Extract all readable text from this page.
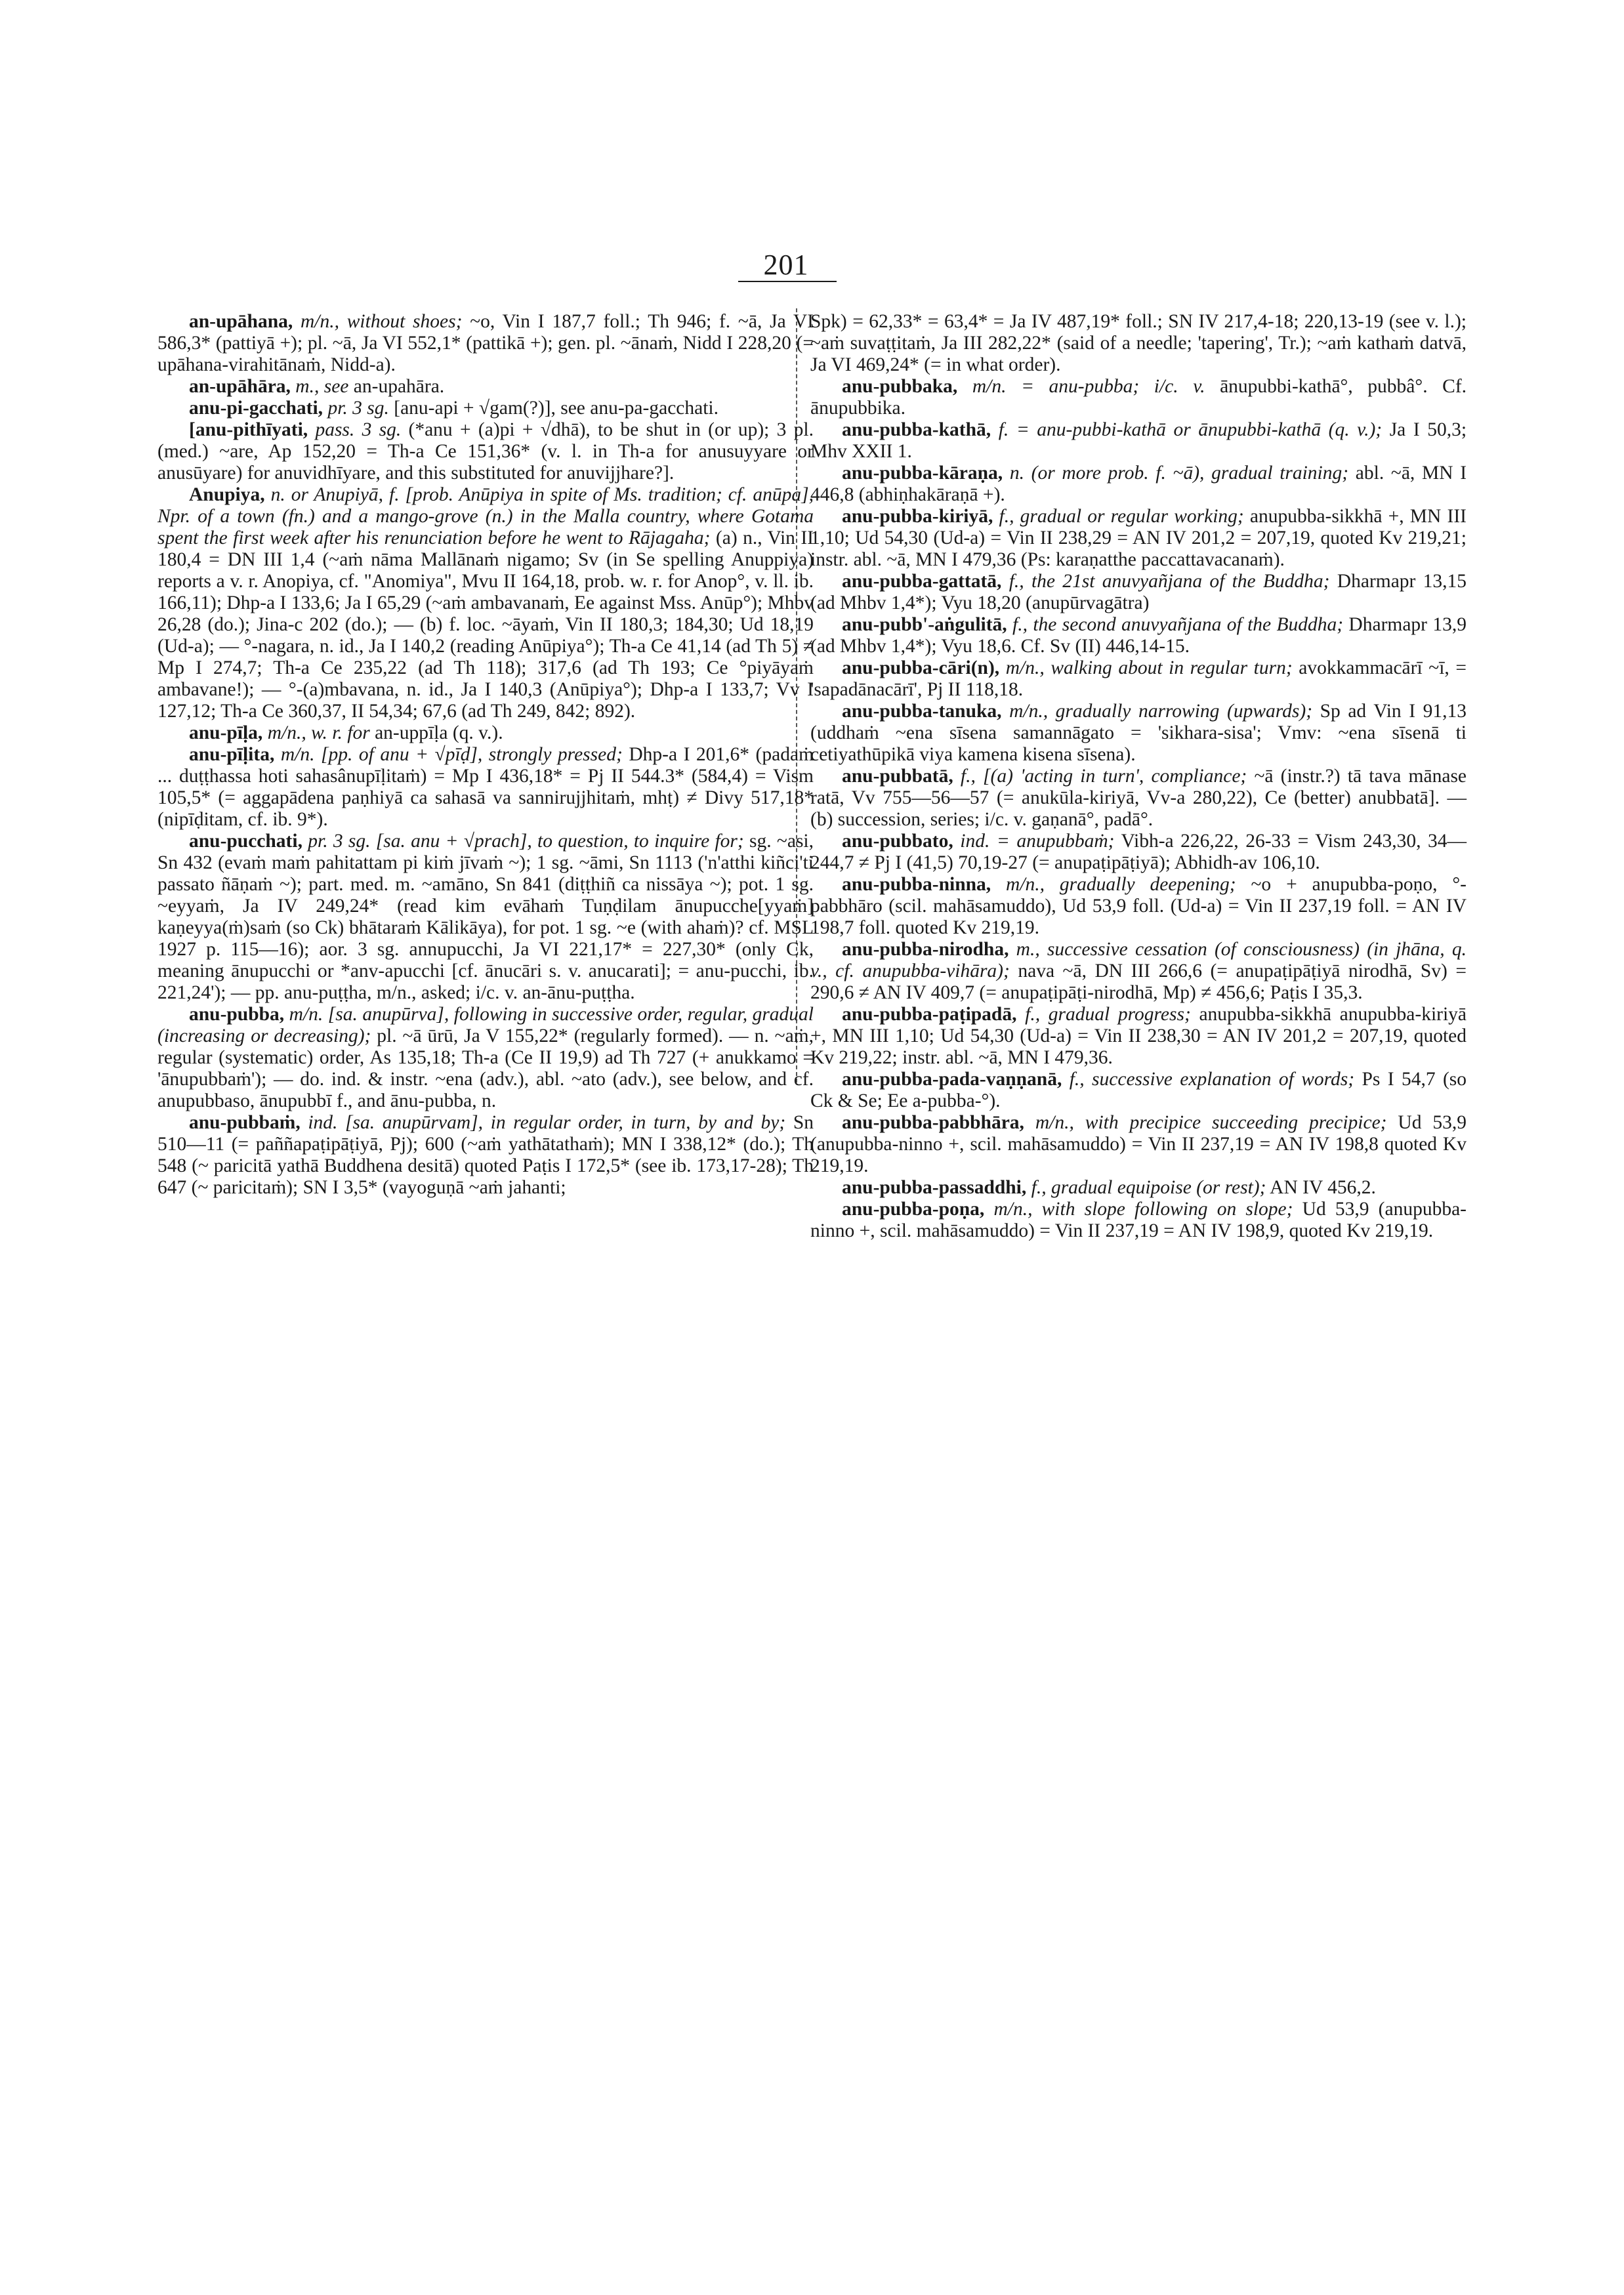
201

an-upāhana, m/n., without shoes; ~o, Vin I 187,7 foll.; Th 946; f. ~ā, Ja VI 586,3* (pattiyā +); pl. ~ā, Ja VI 552,1* (pattikā +); gen. pl. ~ānaṁ, Nidd I 228,20 (= upāhana-virahitānaṁ, Nidd-a).

an-upāhāra, m., see an-upahāra.

anu-pi-gacchati, pr. 3 sg. [anu-api + √gam(?)], see anu-pa-gacchati.

[anu-pithīyati, pass. 3 sg. (*anu + (a)pi + √dhā), to be shut in (or up); 3 pl. (med.) ~are, Ap 152,20 = Th-a Ce 151,36* (v. l. in Th-a for anusuyyare or anusūyare) for anuvidhīyare, and this substituted for anuvijjhare?].

Anupiya, n. or Anupiyā, f. [prob. Anūpiya in spite of Ms. tradition; cf. anūpa], Npr. of a town (fn.) and a mango-grove (n.) in the Malla country, where Gotama spent the first week after his renunciation before he went to Rājagaha; (a) n., Vin II 180,4 = DN III 1,4 (~aṁ nāma Mallānaṁ nigamo; Sv (in Se spelling Anuppiya) reports a v. r. Anopiya, cf. "Anomiya", Mvu II 164,18, prob. w. r. for Anop°, v. ll. ib. 166,11); Dhp-a I 133,6; Ja I 65,29 (~aṁ ambavanaṁ, Ee against Mss. Anūp°); Mhbv 26,28 (do.); Jina-c 202 (do.); — (b) f. loc. ~āyaṁ, Vin II 180,3; 184,30; Ud 18,19 (Ud-a); — °-nagara, n. id., Ja I 140,2 (reading Anūpiya°); Th-a Ce 41,14 (ad Th 5) ≠ Mp I 274,7; Th-a Ce 235,22 (ad Th 118); 317,6 (ad Th 193; Ce °piyāyaṁ ambavane!); — °-(a)mbavana, n. id., Ja I 140,3 (Anūpiya°); Dhp-a I 133,7; Vv I 127,12; Th-a Ce 360,37, II 54,34; 67,6 (ad Th 249, 842; 892).

anu-pīḷa, m/n., w. r. for an-uppīḷa (q. v.).

anu-pīḷita, m/n. [pp. of anu + √pīḍ], strongly pressed; Dhp-a I 201,6* (padaṁ ... duṭṭhassa hoti sahasânupīḷitaṁ) = Mp I 436,18* = Pj II 544.3* (584,4) = Vism 105,5* (= aggapādena paṇhiyā ca sahasā va sannirujjhitaṁ, mhṭ) ≠ Divy 517,18* (nipīḍitam, cf. ib. 9*).

anu-pucchati, pr. 3 sg. [sa. anu + √prach], to question, to inquire for; sg. ~asi, Sn 432 (evaṁ maṁ pahitattam pi kiṁ jīvaṁ ~); 1 sg. ~āmi, Sn 1113 ('n'atthi kiñci'ti passato ñāṇaṁ ~); part. med. m. ~amāno, Sn 841 (diṭṭhiñ ca nissāya ~); pot. 1 sg. ~eyyaṁ, Ja IV 249,24* (read kim evāhaṁ Tuṇḍilam ānupucche[yyaṁ] kaṇeyya(ṁ)saṁ (so Ck) bhātaraṁ Kālikāya), for pot. 1 sg. ~e (with ahaṁ)? cf. MSL 1927 p. 115—16); aor. 3 sg. annupucchi, Ja VI 221,17* = 227,30* (only Ck, meaning ānupucchi or *anv-apucchi [cf. ānucāri s. v. anucarati]; = anu-pucchi, ib. 221,24'); — pp. anu-puṭṭha, m/n., asked; i/c. v. an-ānu-puṭṭha.

anu-pubba, m/n. [sa. anupūrva], following in successive order, regular, gradual (increasing or decreasing); pl. ~ā ūrū, Ja V 155,22* (regularly formed). — n. ~aṁ, regular (systematic) order, As 135,18; Th-a (Ce II 19,9) ad Th 727 (+ anukkamo = 'ānupubbaṁ'); — do. ind. & instr. ~ena (adv.), abl. ~ato (adv.), see below, and cf. anupubbaso, ānupubbī f., and ānu-pubba, n.

anu-pubbaṁ, ind. [sa. anupūrvam], in regular order, in turn, by and by; Sn 510—11 (= paññapaṭipāṭiyā, Pj); 600 (~aṁ yathātathaṁ); MN I 338,12* (do.); Th 548 (~ paricitā yathā Buddhena desitā) quoted Paṭis I 172,5* (see ib. 173,17-28); Th 647 (~ paricitaṁ); SN I 3,5* (vayoguṇā ~aṁ jahanti;

Spk) = 62,33* = 63,4* = Ja IV 487,19* foll.; SN IV 217,4-18; 220,13-19 (see v. l.); ~aṁ suvaṭṭitaṁ, Ja III 282,22* (said of a needle; 'tapering', Tr.); ~aṁ kathaṁ datvā, Ja VI 469,24* (= in what order).

anu-pubbaka, m/n. = anu-pubba; i/c. v. ānupubbi-kathā°, pubbâ°. Cf. ānupubbika.

anu-pubba-kathā, f. = anu-pubbi-kathā or ānupubbi-kathā (q. v.); Ja I 50,3; Mhv XXII 1.

anu-pubba-kāraṇa, n. (or more prob. f. ~ā), gradual training; abl. ~ā, MN I 446,8 (abhiṇhakāraṇā +).

anu-pubba-kiriyā, f., gradual or regular working; anupubba-sikkhā +, MN III 1,10; Ud 54,30 (Ud-a) = Vin II 238,29 = AN IV 201,2 = 207,19, quoted Kv 219,21; instr. abl. ~ā, MN I 479,36 (Ps: karaṇatthe paccattavacanaṁ).

anu-pubba-gattatā, f., the 21st anuvyañjana of the Buddha; Dharmapr 13,15 (ad Mhbv 1,4*); Vyu 18,20 (anupūrvagātra)

anu-pubb'-aṅgulitā, f., the second anuvyañjana of the Buddha; Dharmapr 13,9 (ad Mhbv 1,4*); Vyu 18,6. Cf. Sv (II) 446,14-15.

anu-pubba-cāri(n), m/n., walking about in regular turn; avokkammacārī ~ī, = 'sapadānacārī', Pj II 118,18.

anu-pubba-tanuka, m/n., gradually narrowing (upwards); Sp ad Vin I 91,13 (uddhaṁ ~ena sīsena samannāgato = 'sikhara-sisa'; Vmv: ~ena sīsenā ti cetiyathūpikā viya kamena kisena sīsena).

anu-pubbatā, f., [(a) 'acting in turn', compliance; ~ā (instr.?) tā tava mānase ratā, Vv 755—56—57 (= anukūla-kiriyā, Vv-a 280,22), Ce (better) anubbatā]. — (b) succession, series; i/c. v. gaṇanā°, padā°.

anu-pubbato, ind. = anupubbaṁ; Vibh-a 226,22, 26-33 = Vism 243,30, 34—244,7 ≠ Pj I (41,5) 70,19-27 (= anupaṭipāṭiyā); Abhidh-av 106,10.

anu-pubba-ninna, m/n., gradually deepening; ~o + anupubba-poṇo, °-pabbhāro (scil. mahāsamuddo), Ud 53,9 foll. (Ud-a) = Vin II 237,19 foll. = AN IV 198,7 foll. quoted Kv 219,19.

anu-pubba-nirodha, m., successive cessation (of consciousness) (in jhāna, q. v., cf. anupubba-vihāra); nava ~ā, DN III 266,6 (= anupaṭipāṭiyā nirodhā, Sv) = 290,6 ≠ AN IV 409,7 (= anupaṭipāṭi-nirodhā, Mp) ≠ 456,6; Paṭis I 35,3.

anu-pubba-paṭipadā, f., gradual progress; anupubba-sikkhā anupubba-kiriyā +, MN III 1,10; Ud 54,30 (Ud-a) = Vin II 238,30 = AN IV 201,2 = 207,19, quoted Kv 219,22; instr. abl. ~ā, MN I 479,36.

anu-pubba-pada-vaṇṇanā, f., successive explanation of words; Ps I 54,7 (so Ck & Se; Ee a-pubba-°).

anu-pubba-pabbhāra, m/n., with precipice succeeding precipice; Ud 53,9 (anupubba-ninno +, scil. mahāsamuddo) = Vin II 237,19 = AN IV 198,8 quoted Kv 219,19.

anu-pubba-passaddhi, f., gradual equipoise (or rest); AN IV 456,2.

anu-pubba-poṇa, m/n., with slope following on slope; Ud 53,9 (anupubba-ninno +, scil. mahāsamuddo) = Vin II 237,19 = AN IV 198,9, quoted Kv 219,19.
